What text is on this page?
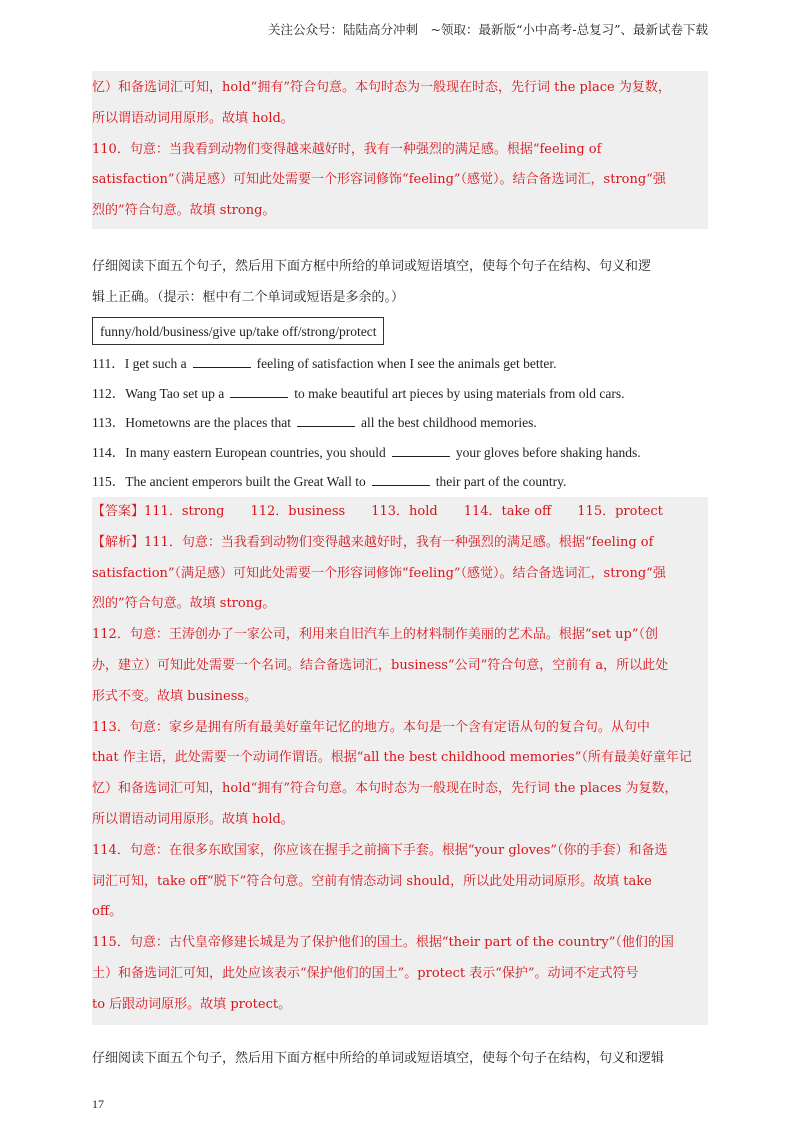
关注公众号：陆陆高分冲刺　~领取：最新版“小中高考-总复习”、最新试卷下载

忆）和备选词汇可知，hold“拥有”符合句意。本句时态为一般现在时态，先行词 the place 为复数，

所以谓语动词用原形。故填 hold。

110．句意：当我看到动物们变得越来越好时，我有一种强烈的满足感。根据“feeling of

satisfaction”（满足感）可知此处需要一个形容词修饰“feeling”（感觉）。结合备选词汇，strong“强

烈的”符合句意。故填 strong。

仔细阅读下面五个句子，然后用下面方框中所给的单词或短语填空，使每个句子在结构、句义和逻

辑上正确。（提示：框中有二个单词或短语是多余的。）

funny/hold/business/give up/take off/strong/protect

111．I get such a	feeling of satisfaction when I see the animals get better.

112．Wang Tao set up a	to make beautiful art pieces by using materials from old cars.

113．Hometowns are the places that	all the best childhood memories.

114．In many eastern European countries, you should	your gloves before shaking hands.

115．The ancient emperors built the Great Wall to	their part of the country.

【答案】111．strong 112．business 113．hold 114．take off 115．protect

【解析】111．句意：当我看到动物们变得越来越好时，我有一种强烈的满足感。根据“feeling of

satisfaction”（满足感）可知此处需要一个形容词修饰“feeling”（感觉）。结合备选词汇，strong“强

烈的”符合句意。故填 strong。

112．句意：王涛创办了一家公司，利用来自旧汽车上的材料制作美丽的艺术品。根据“set up”（创

办，建立）可知此处需要一个名词。结合备选词汇，business“公司”符合句意，空前有 a，所以此处

形式不变。故填 business。

113．句意：家乡是拥有所有最美好童年记忆的地方。本句是一个含有定语从句的复合句。从句中

that 作主语，此处需要一个动词作谓语。根据“all the best childhood memories”（所有最美好童年记

忆）和备选词汇可知，hold“拥有”符合句意。本句时态为一般现在时态，先行词 the places 为复数，

所以谓语动词用原形。故填 hold。

114．句意：在很多东欧国家，你应该在握手之前摘下手套。根据“your gloves”（你的手套）和备选

词汇可知，take off“脱下”符合句意。空前有情态动词 should，所以此处用动词原形。故填 take

off。

115．句意：古代皇帝修建长城是为了保护他们的国土。根据“their part of the country”（他们的国

土）和备选词汇可知，此处应该表示“保护他们的国土”。protect 表示“保护”。动词不定式符号

to 后跟动词原形。故填 protect。

仔细阅读下面五个句子，然后用下面方框中所给的单词或短语填空，使每个句子在结构，句义和逻辑

17
